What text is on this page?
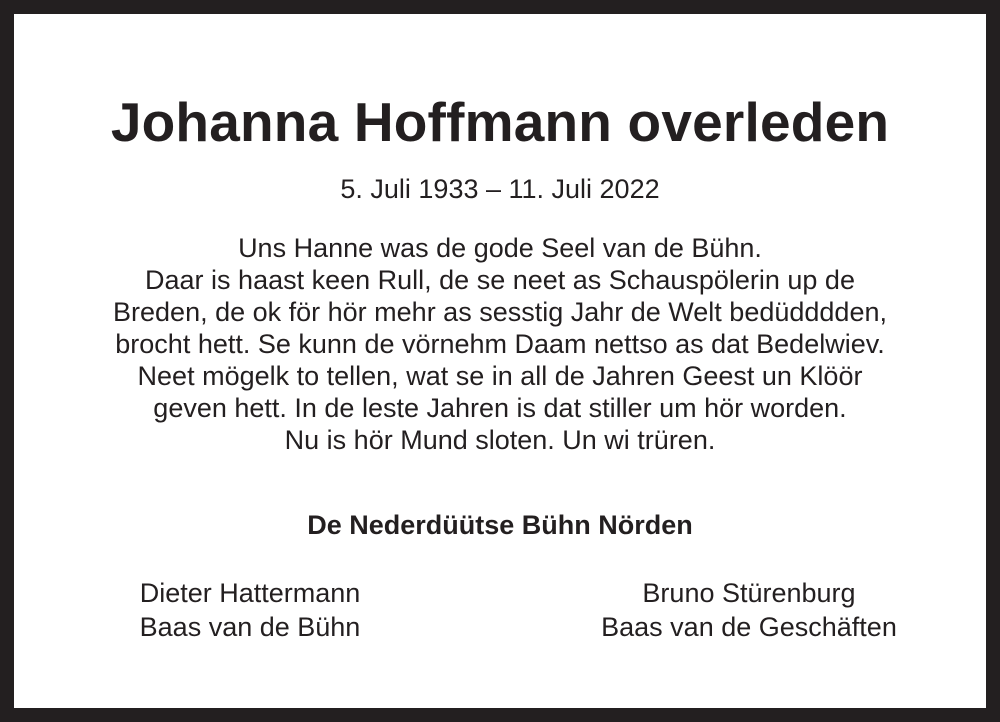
Johanna Hoffmann overleden
5. Juli 1933 – 11. Juli 2022
Uns Hanne was de gode Seel van de Bühn.
Daar is haast keen Rull, de se neet as Schauspölerin up de
Breden, de ok för hör mehr as sesstig Jahr de Welt bedüdddden,
brocht hett. Se kunn de vörnehm Daam nettso as dat Bedelwiev.
Neet mögelk to tellen, wat se in all de Jahren Geest un Klöör
geven hett. In de leste Jahren is dat stiller um hör worden.
Nu is hör Mund sloten. Un wi trüren.
De Nederdüütse Bühn Nörden
Dieter Hattermann
Baas van de Bühn
Bruno Stürenburg
Baas van de Geschäften
